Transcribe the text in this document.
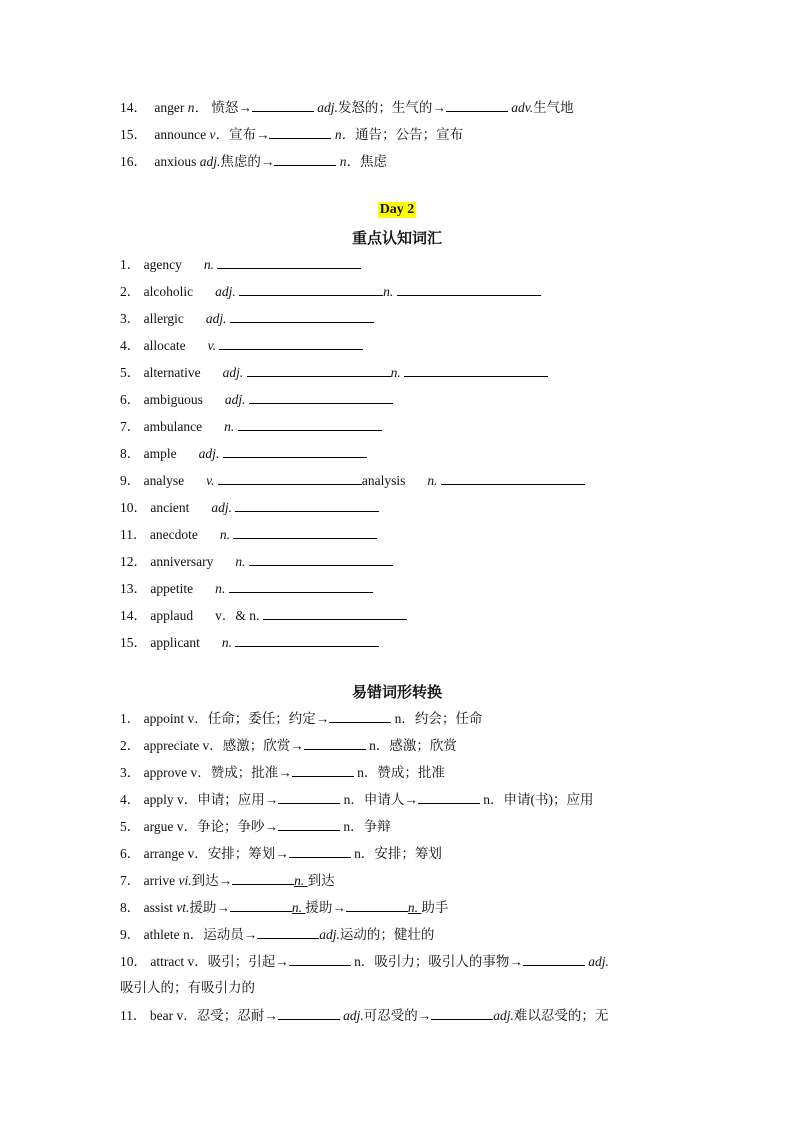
14． anger n． 愤怒→	adj.发怒的；生气的→	adv.生气地
15． announce v．宣布→	n．通告；公告；宣布
16． anxious adj.焦虑的→	n．焦虑
Day 2
重点认知词汇
1． agency n.
2． alcoholic adj.	n.
3． allergic adj.
4． allocate v.
5． alternative adj.	n.
6． ambiguous adj.
7． ambulance n.
8． ample adj.
9． analyse v.	analysis n.
10． ancient adj.
11． anecdote n.
12． anniversary n.
13． appetite n.
14． applaud v．& n.
15． applicant n.
易错词形转换
1． appoint v．任命；委任；约定→	n．约会；任命
2． appreciate v．感激；欣赏→	n．感激；欣赏
3． approve v．赞成；批准→	n．赞成；批准
4． apply v．申请；应用→	n．申请人→	n．申请(书)；应用
5． argue v．争论；争吵→	n．争辩
6． arrange v．安排；筹划→	n．安排；筹划
7． arrive vi.到达→	n. 到达
8． assist vt.援助→	n. 援助→	n. 助手
9． athlete n．运动员→	adj.运动的；健壮的
10． attract v．吸引；引起→	n．吸引力；吸引人的事物→	adj.
吸引人的；有吸引力的
11． bear v．忍受；忍耐→	adj.可忍受的→	adj.难以忍受的；无
